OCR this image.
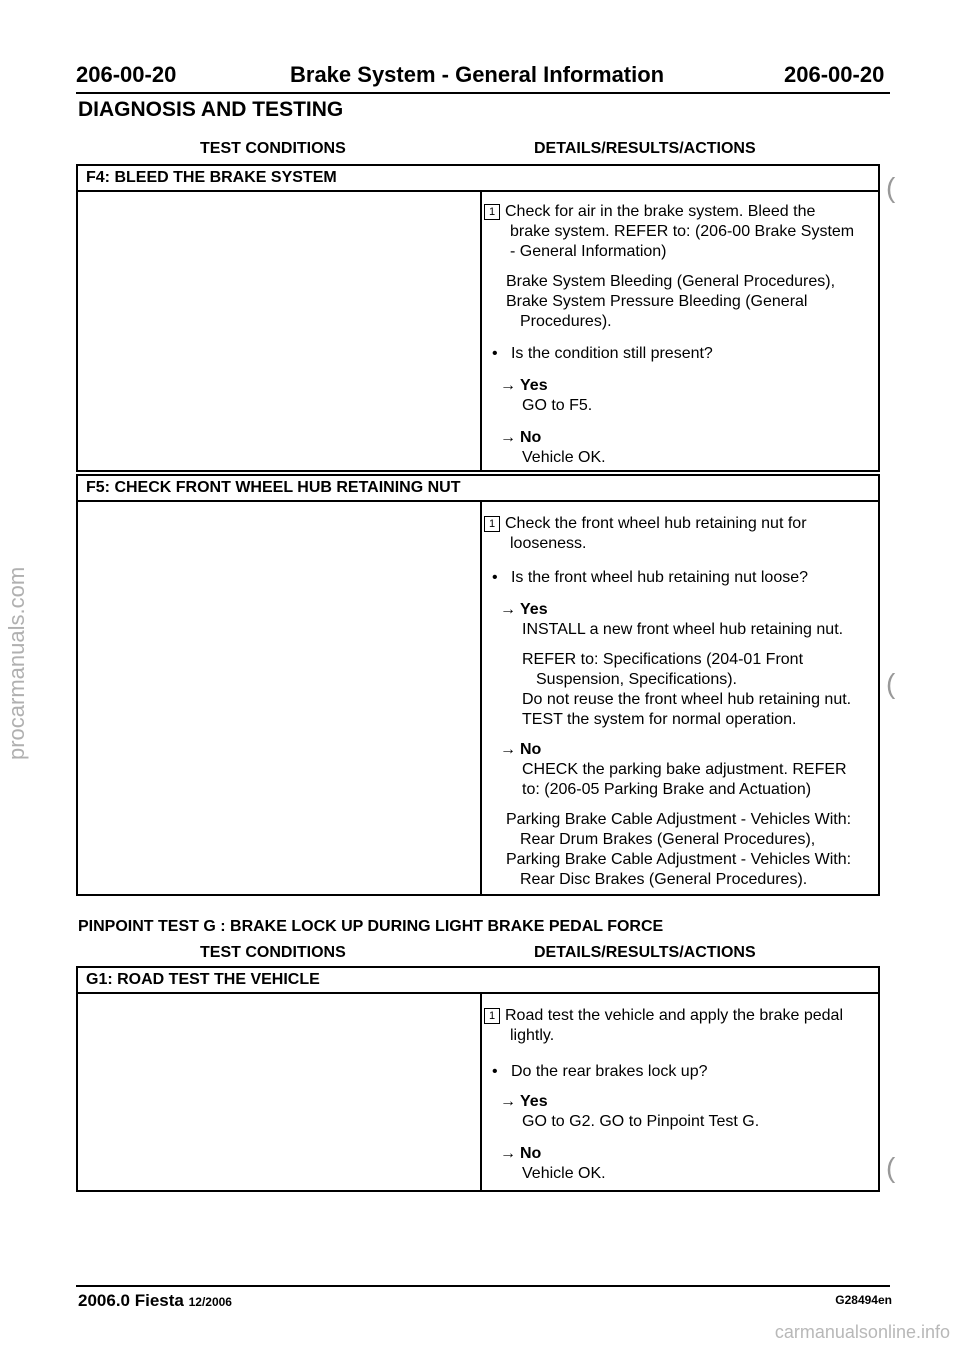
206-00-20	Brake System - General Information	206-00-20
DIAGNOSIS AND TESTING
TEST CONDITIONS	DETAILS/RESULTS/ACTIONS
F4: BLEED THE BRAKE SYSTEM
1 Check for air in the brake system. Bleed the
brake system. REFER to: (206-00 Brake System
- General Information)
Brake System Bleeding (General Procedures),
Brake System Pressure Bleeding (General
Procedures).
•   Is the condition still present?
→ Yes
GO to F5.
→ No
Vehicle OK.
F5: CHECK FRONT WHEEL HUB RETAINING NUT
1 Check the front wheel hub retaining nut for
looseness.
•   Is the front wheel hub retaining nut loose?
→ Yes
INSTALL a new front wheel hub retaining nut.
REFER to: Specifications (204-01 Front
Suspension, Specifications).
Do not reuse the front wheel hub retaining nut.
TEST the system for normal operation.
→ No
CHECK the parking bake adjustment. REFER
to: (206-05 Parking Brake and Actuation)
Parking Brake Cable Adjustment - Vehicles With:
Rear Drum Brakes (General Procedures),
Parking Brake Cable Adjustment - Vehicles With:
Rear Disc Brakes (General Procedures).
PINPOINT TEST G : BRAKE LOCK UP DURING LIGHT BRAKE PEDAL FORCE
TEST CONDITIONS	DETAILS/RESULTS/ACTIONS
G1: ROAD TEST THE VEHICLE
1 Road test the vehicle and apply the brake pedal
lightly.
•   Do the rear brakes lock up?
→ Yes
GO to G2. GO to Pinpoint Test G.
→ No
Vehicle OK.
(
(
(
2006.0 Fiesta 12/2006	G28494en
procarmanuals.com
carmanualsonline.info
